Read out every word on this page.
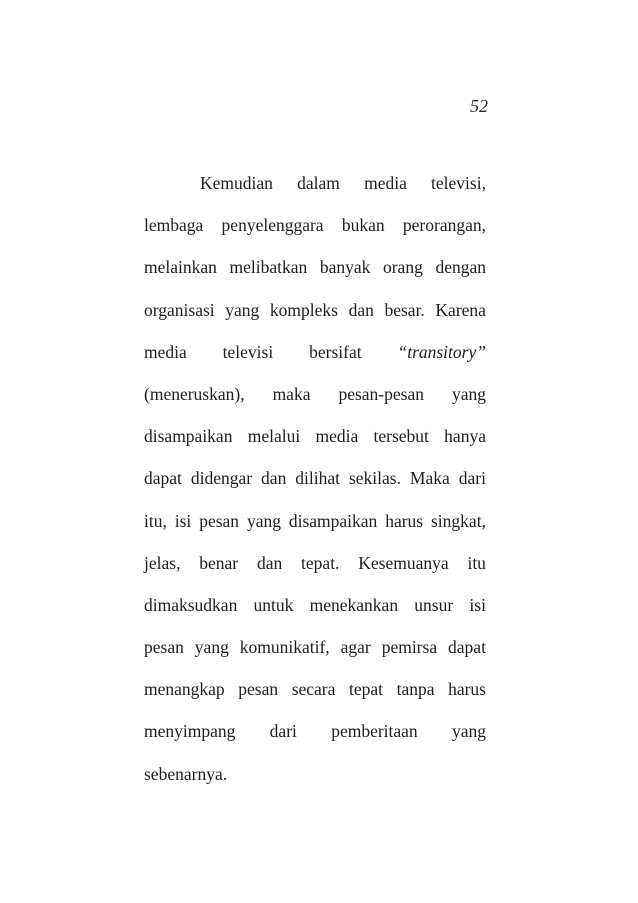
52
Kemudian dalam media televisi,
lembaga penyelenggara bukan perorangan,
melainkan melibatkan banyak orang dengan
organisasi yang kompleks dan besar. Karena
media televisi bersifat “transitory”
(meneruskan), maka pesan-pesan yang
disampaikan melalui media tersebut hanya
dapat didengar dan dilihat sekilas. Maka dari
itu, isi pesan yang disampaikan harus singkat,
jelas, benar dan tepat. Kesemuanya itu
dimaksudkan untuk menekankan unsur isi
pesan yang komunikatif, agar pemirsa dapat
menangkap pesan secara tepat tanpa harus
menyimpang dari pemberitaan yang
sebenarnya.
